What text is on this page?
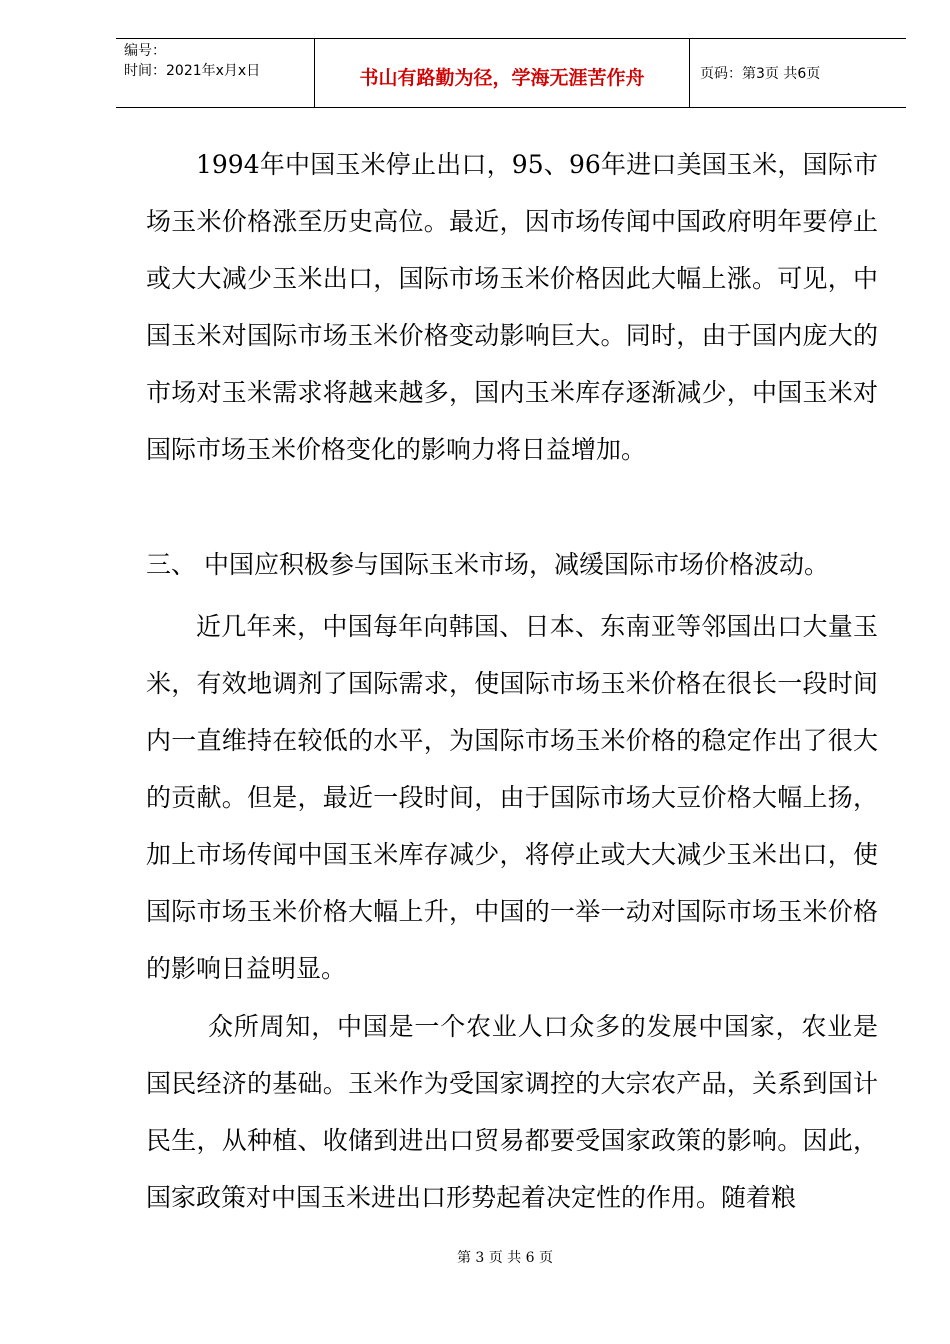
编号：
时间：2021年x月x日	书山有路勤为径，学海无涯苦作舟	页码：第3页 共6页

1994年中国玉米停止出口，95、96年进口美国玉米，国际市场玉米价格涨至历史高位。最近，因市场传闻中国政府明年要停止或大大减少玉米出口，国际市场玉米价格因此大幅上涨。可见，中国玉米对国际市场玉米价格变动影响巨大。同时，由于国内庞大的市场对玉米需求将越来越多，国内玉米库存逐渐减少，中国玉米对国际市场玉米价格变化的影响力将日益增加。

三、 中国应积极参与国际玉米市场，减缓国际市场价格波动。

近几年来，中国每年向韩国、日本、东南亚等邻国出口大量玉米，有效地调剂了国际需求，使国际市场玉米价格在很长一段时间内一直维持在较低的水平，为国际市场玉米价格的稳定作出了很大的贡献。但是，最近一段时间，由于国际市场大豆价格大幅上扬，加上市场传闻中国玉米库存减少，将停止或大大减少玉米出口，使国际市场玉米价格大幅上升，中国的一举一动对国际市场玉米价格的影响日益明显。

众所周知，中国是一个农业人口众多的发展中国家，农业是国民经济的基础。玉米作为受国家调控的大宗农产品，关系到国计民生，从种植、收储到进出口贸易都要受国家政策的影响。因此，国家政策对中国玉米进出口形势起着决定性的作用。随着粮

第 3 页 共 6 页
